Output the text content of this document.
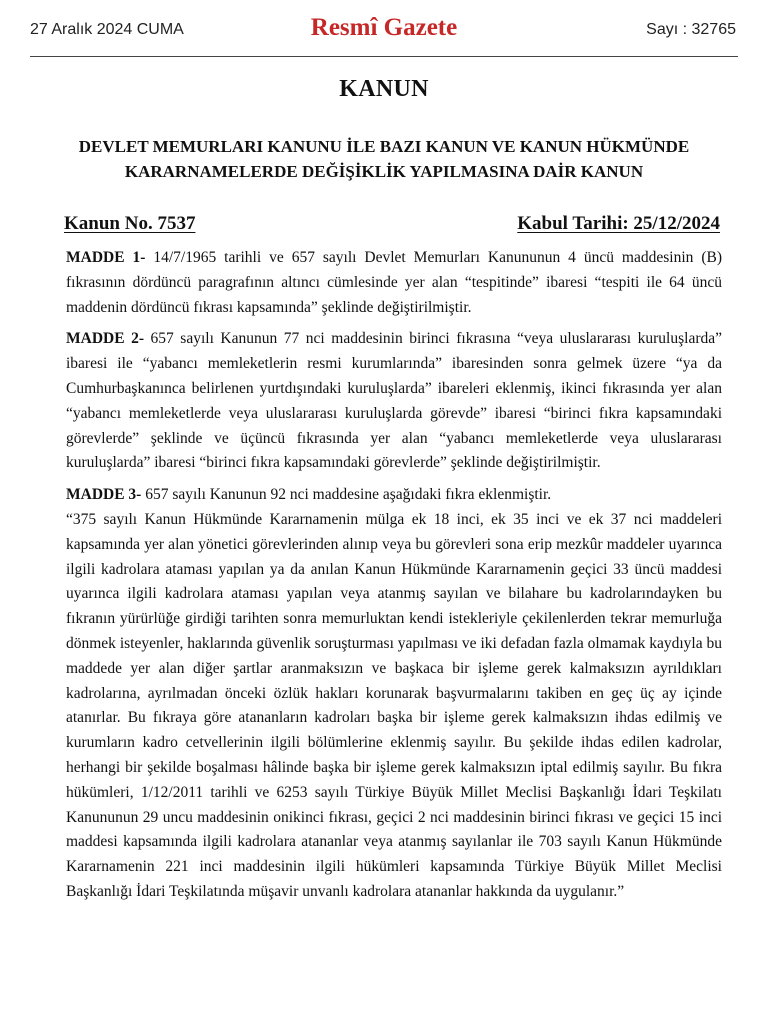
27 Aralık 2024 CUMA	Resmî Gazete	Sayı : 32765
KANUN
DEVLET MEMURLARI KANUNU İLE BAZI KANUN VE KANUN HÜKMÜNDE
KARARNAMELERDE DEĞİŞİKLİK YAPILMASINA DAİR KANUN
Kanun No. 7537	Kabul Tarihi: 25/12/2024

MADDE 1- 14/7/1965 tarihli ve 657 sayılı Devlet Memurları Kanununun 4 üncü maddesinin (B) fıkrasının dördüncü paragrafının altıncı cümlesinde yer alan “tespitinde” ibaresi “tespiti ile 64 üncü maddenin dördüncü fıkrası kapsamında” şeklinde değiştirilmiştir.

MADDE 2- 657 sayılı Kanunun 77 nci maddesinin birinci fıkrasına “veya uluslararası kuruluşlarda” ibaresi ile “yabancı memleketlerin resmi kurumlarında” ibaresinden sonra gelmek üzere “ya da Cumhurbaşkanınca belirlenen yurtdışındaki kuruluşlarda” ibareleri eklenmiş, ikinci fıkrasında yer alan “yabancı memleketlerde veya uluslararası kuruluşlarda görevde” ibaresi “birinci fıkra kapsamındaki görevlerde” şeklinde ve üçüncü fıkrasında yer alan “yabancı memleketlerde veya uluslararası kuruluşlarda” ibaresi “birinci fıkra kapsamındaki görevlerde” şeklinde değiştirilmiştir.

MADDE 3- 657 sayılı Kanunun 92 nci maddesine aşağıdaki fıkra eklenmiştir.

“375 sayılı Kanun Hükmünde Kararnamenin mülga ek 18 inci, ek 35 inci ve ek 37 nci maddeleri kapsamında yer alan yönetici görevlerinden alınıp veya bu görevleri sona erip mezkûr maddeler uyarınca ilgili kadrolara ataması yapılan ya da anılan Kanun Hükmünde Kararnamenin geçici 33 üncü maddesi uyarınca ilgili kadrolara ataması yapılan veya atanmış sayılan ve bilahare bu kadrolarındayken bu fıkranın yürürlüğe girdiği tarihten sonra memurluktan kendi istekleriyle çekilenlerden tekrar memurluğa dönmek isteyenler, haklarında güvenlik soruşturması yapılması ve iki defadan fazla olmamak kaydıyla bu maddede yer alan diğer şartlar aranmaksızın ve başkaca bir işleme gerek kalmaksızın ayrıldıkları kadrolarına, ayrılmadan önceki özlük hakları korunarak başvurmalarını takiben en geç üç ay içinde atanırlar. Bu fıkraya göre atananların kadroları başka bir işleme gerek kalmaksızın ihdas edilmiş ve kurumların kadro cetvellerinin ilgili bölümlerine eklenmiş sayılır. Bu şekilde ihdas edilen kadrolar, herhangi bir şekilde boşalması hâlinde başka bir işleme gerek kalmaksızın iptal edilmiş sayılır. Bu fıkra hükümleri, 1/12/2011 tarihli ve 6253 sayılı Türkiye Büyük Millet Meclisi Başkanlığı İdari Teşkilatı Kanununun 29 uncu maddesinin onikinci fıkrası, geçici 2 nci maddesinin birinci fıkrası ve geçici 15 inci maddesi kapsamında ilgili kadrolara atananlar veya atanmış sayılanlar ile 703 sayılı Kanun Hükmünde Kararnamenin 221 inci maddesinin ilgili hükümleri kapsamında Türkiye Büyük Millet Meclisi Başkanlığı İdari Teşkilatında müşavir unvanlı kadrolara atananlar hakkında da uygulanır.”
